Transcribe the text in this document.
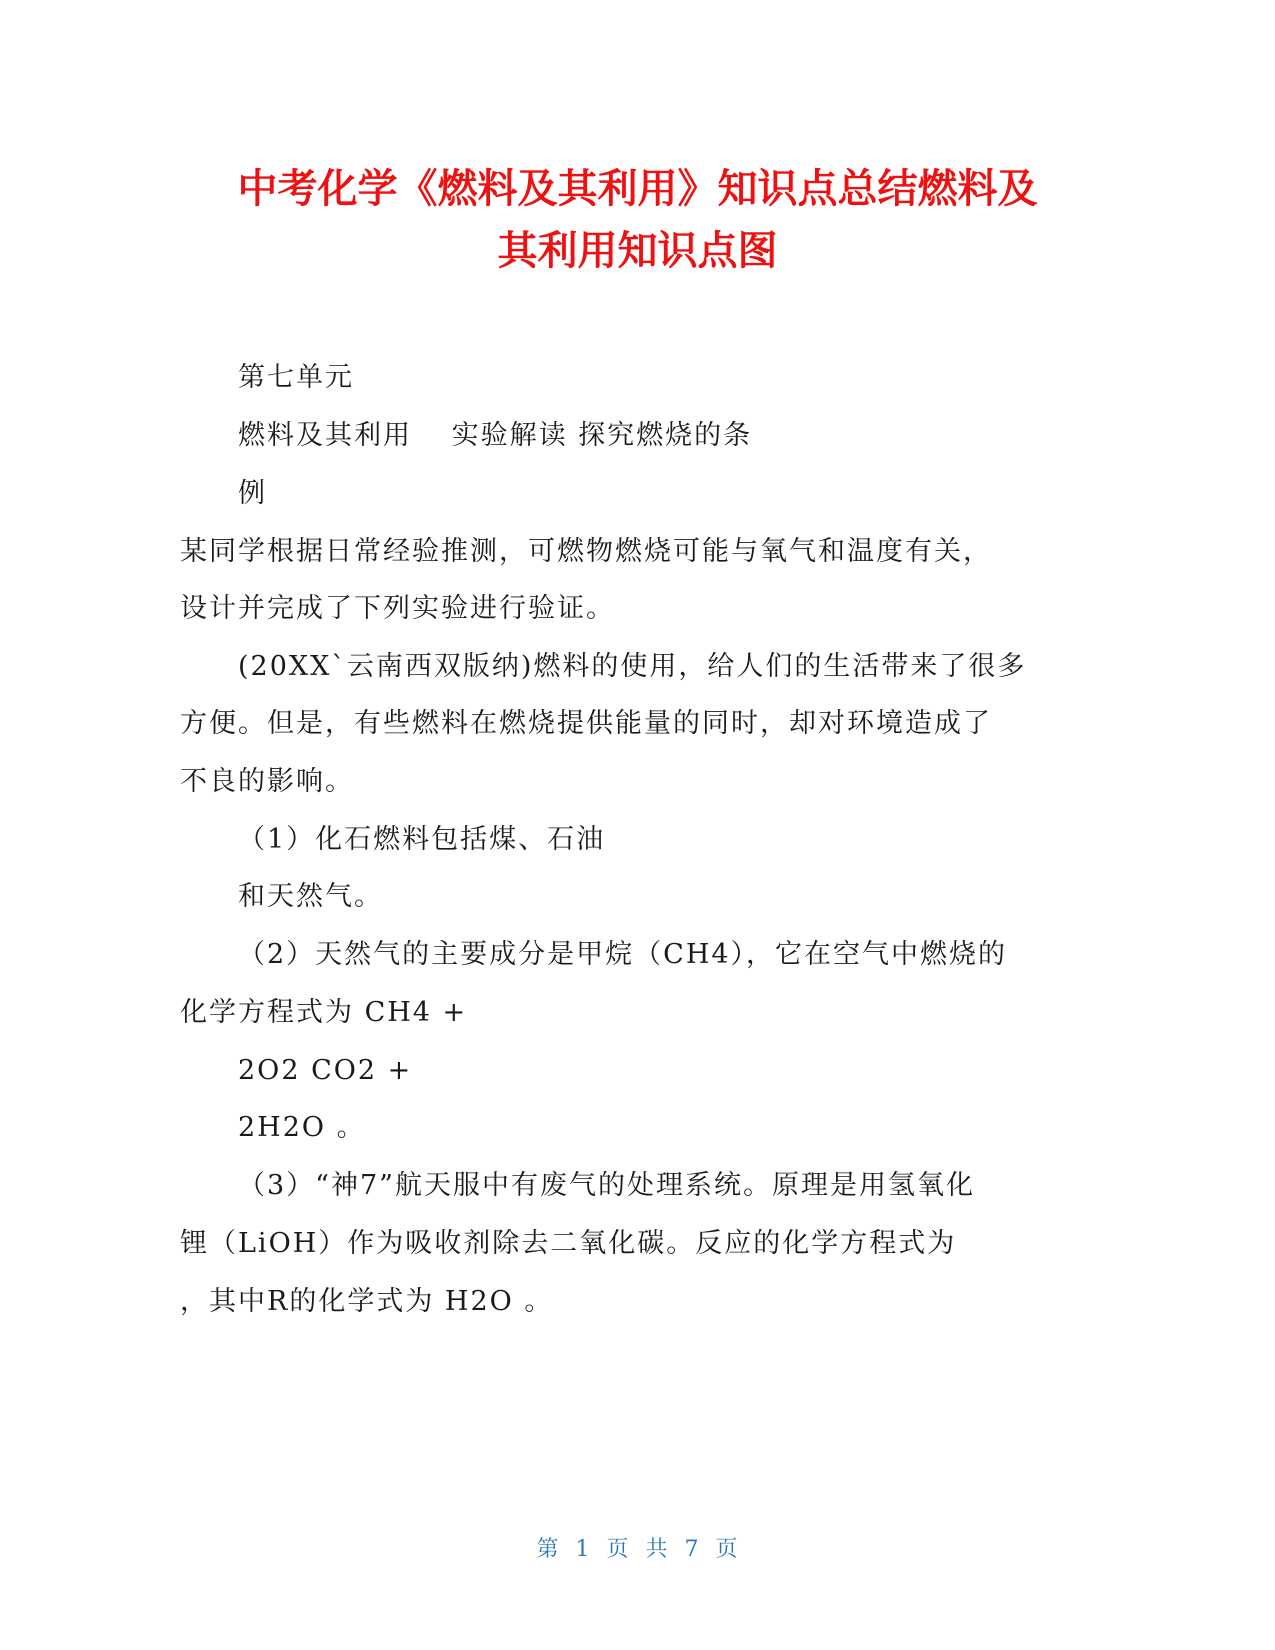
中考化学《燃料及其利用》知识点总结燃料及
其利用知识点图
第七单元
燃料及其利用　 实验解读 探究燃烧的条
例
某同学根据日常经验推测，可燃物燃烧可能与氧气和温度有关，
设计并完成了下列实验进行验证。
(20XX`云南西双版纳)燃料的使用，给人们的生活带来了很多
方便。但是，有些燃料在燃烧提供能量的同时，却对环境造成了
不良的影响。
（1）化石燃料包括煤、石油
和天然气。
（2）天然气的主要成分是甲烷（CH4），它在空气中燃烧的
化学方程式为 CH4 +
2O2 CO2 +
2H2O 。
（3）“神7”航天服中有废气的处理系统。原理是用氢氧化
锂（LiOH）作为吸收剂除去二氧化碳。反应的化学方程式为
，其中R的化学式为 H2O 。
第 1 页 共 7 页
